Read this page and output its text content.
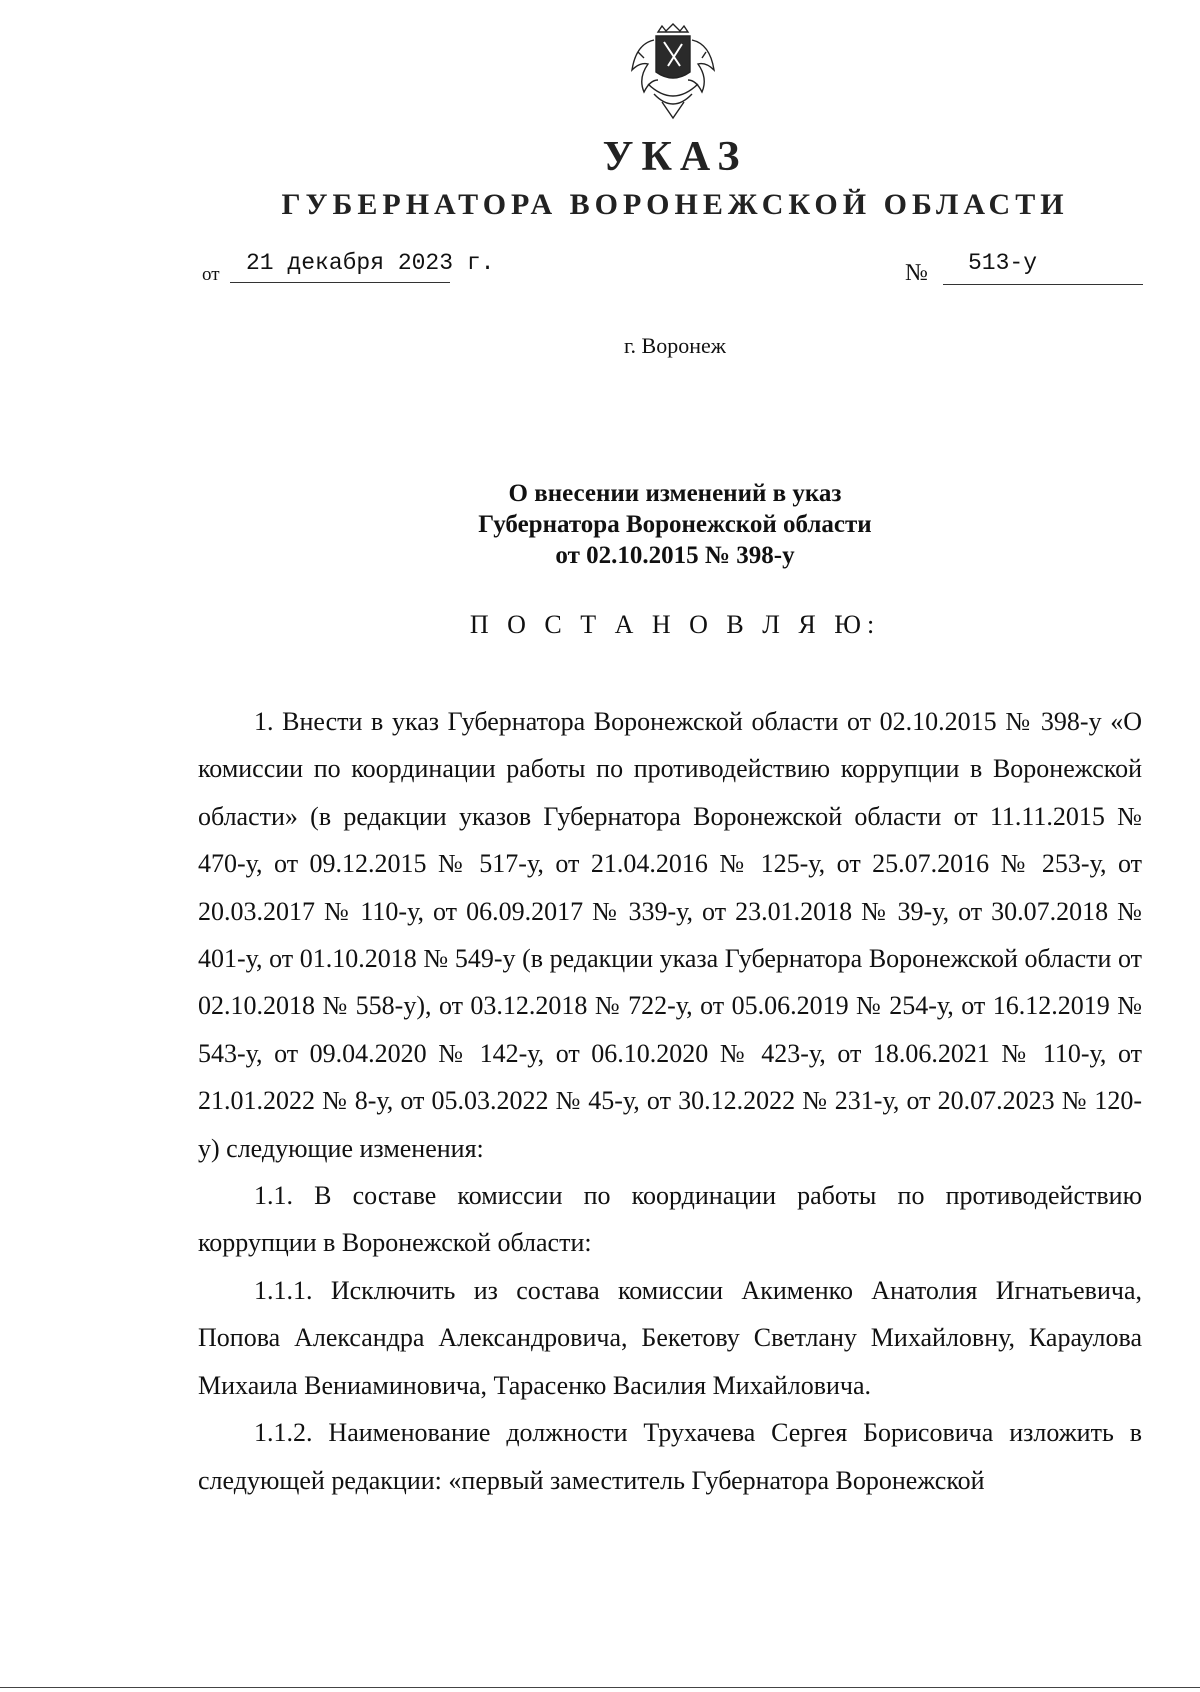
УКАЗ
ГУБЕРНАТОРА ВОРОНЕЖСКОЙ ОБЛАСТИ
от 21 декабря 2023 г.	№ 513-у
г. Воронеж
О внесении изменений в указ
Губернатора Воронежской области
от 02.10.2015 № 398-у
П О С Т А Н О В Л Я Ю:

1. Внести в указ Губернатора Воронежской области от 02.10.2015 № 398-у «О комиссии по координации работы по противодействию коррупции в Воронежской области» (в редакции указов Губернатора Воронежской области от 11.11.2015 № 470-у, от 09.12.2015 № 517-у, от 21.04.2016 № 125-у, от 25.07.2016 № 253-у, от 20.03.2017 № 110-у, от 06.09.2017 № 339-у, от 23.01.2018 № 39-у, от 30.07.2018 № 401-у, от 01.10.2018 № 549-у (в редакции указа Губернатора Воронежской области от 02.10.2018 № 558-у), от 03.12.2018 № 722-у, от 05.06.2019 № 254-у, от 16.12.2019 № 543-у, от 09.04.2020 № 142-у, от 06.10.2020 № 423-у, от 18.06.2021 № 110-у, от 21.01.2022 № 8-у, от 05.03.2022 № 45-у, от 30.12.2022 № 231-у, от 20.07.2023 № 120-у) следующие изменения:

1.1. В составе комиссии по координации работы по противодействию коррупции в Воронежской области:

1.1.1. Исключить из состава комиссии Акименко Анатолия Игнатьевича, Попова Александра Александровича, Бекетову Светлану Михайловну, Караулова Михаила Вениаминовича, Тарасенко Василия Михайловича.

1.1.2. Наименование должности Трухачева Сергея Борисовича изложить в следующей редакции: «первый заместитель Губернатора Воронежской
